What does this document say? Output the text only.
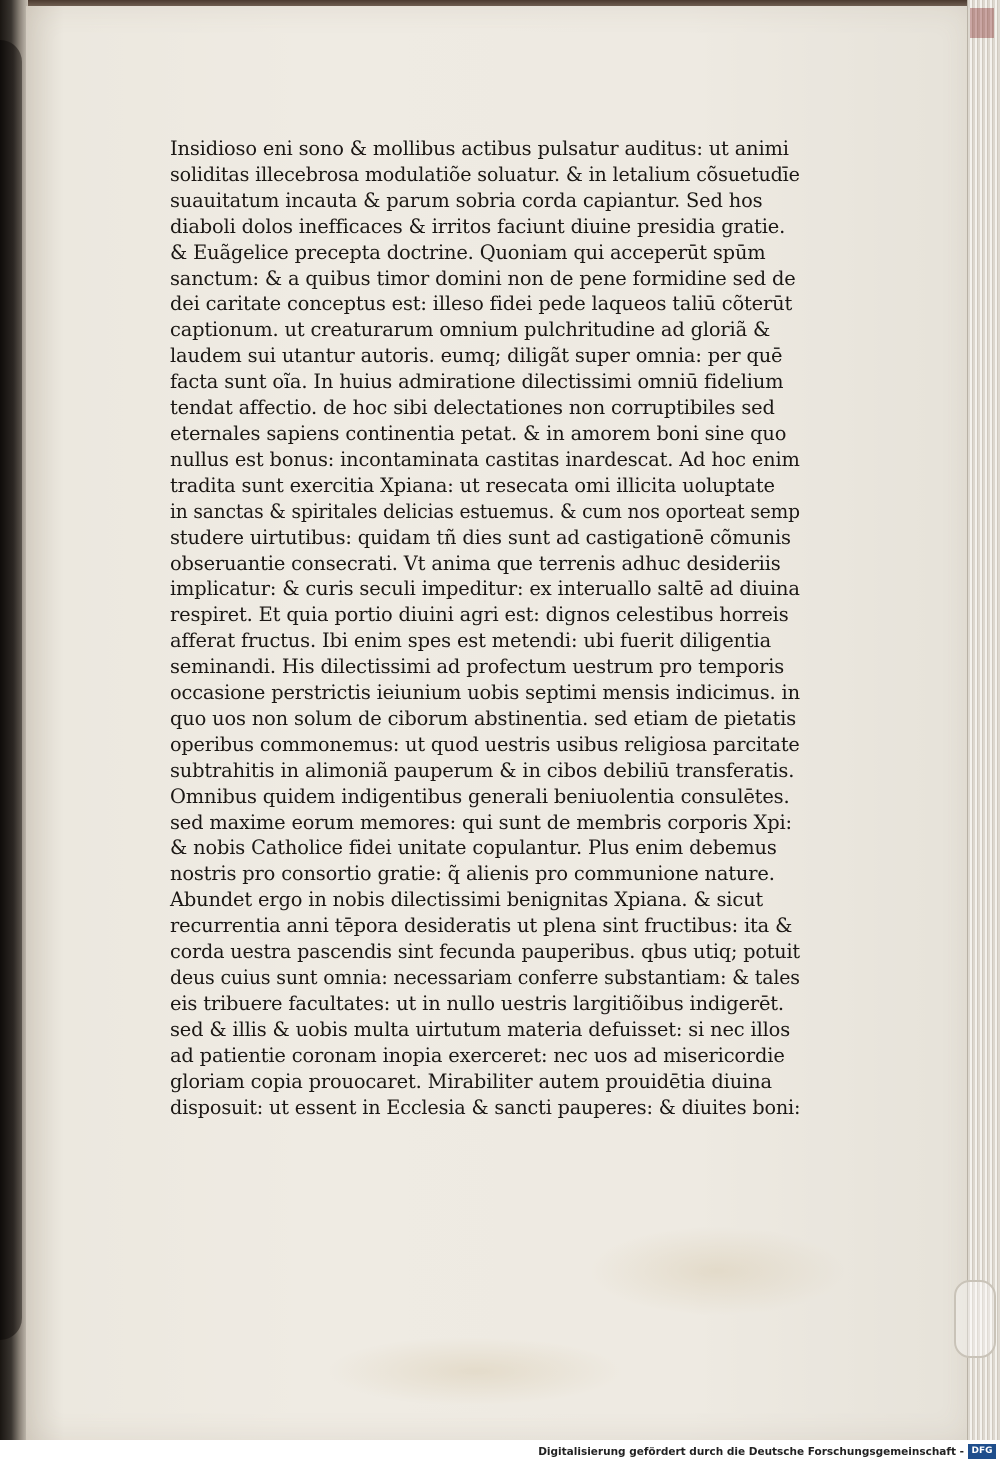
Insidioso eni sono & mollibus actibus pulsatur auditus: ut animi
soliditas illecebrosa modulatiõe soluatur. & in letalium cõsuetudīe
suauitatum incauta & parum sobria corda capiantur. Sed hos
diaboli dolos inefficaces & irritos faciunt diuine presidia gratie.
& Euãgelice precepta doctrine. Quoniam qui acceperūt spūm
sanctum: & a quibus timor domini non de pene formidine sed de
dei caritate conceptus est: illeso fidei pede laqueos taliū cõterūt
captionum. ut creaturarum omnium pulchritudine ad gloriã &
laudem sui utantur autoris. eumq; diligãt super omnia: per quē
facta sunt oĩa. In huius admiratione dilectissimi omniū fidelium
tendat affectio. de hoc sibi delectationes non corruptibiles sed
eternales sapiens continentia petat. & in amorem boni sine quo
nullus est bonus: incontaminata castitas inardescat. Ad hoc enim
tradita sunt exercitia Xpiana: ut resecata omi illicita uoluptate
in sanctas & spiritales delicias estuemus. & cum nos oporteat semp
studere uirtutibus: quidam tñ dies sunt ad castigationē cõmunis
obseruantie consecrati. Vt anima que terrenis adhuc desideriis
implicatur: & curis seculi impeditur: ex interuallo saltē ad diuina
respiret. Et quia portio diuini agri est: dignos celestibus horreis
afferat fructus. Ibi enim spes est metendi: ubi fuerit diligentia
seminandi. His dilectissimi ad profectum uestrum pro temporis
occasione perstrictis ieiunium uobis septimi mensis indicimus. in
quo uos non solum de ciborum abstinentia. sed etiam de pietatis
operibus commonemus: ut quod uestris usibus religiosa parcitate
subtrahitis in alimoniã pauperum & in cibos debiliū transferatis.
Omnibus quidem indigentibus generali beniuolentia consulētes.
sed maxime eorum memores: qui sunt de membris corporis Xpi:
& nobis Catholice fidei unitate copulantur. Plus enim debemus
nostris pro consortio gratie: q̃ alienis pro communione nature.
Abundet ergo in nobis dilectissimi benignitas Xpiana. & sicut
recurrentia anni tēpora desideratis ut plena sint fructibus: ita &
corda uestra pascendis sint fecunda pauperibus. qbus utiq; potuit
deus cuius sunt omnia: necessariam conferre substantiam: & tales
eis tribuere facultates: ut in nullo uestris largitiõibus indigerēt.
sed & illis & uobis multa uirtutum materia defuisset: si nec illos
ad patientie coronam inopia exerceret: nec uos ad misericordie
gloriam copia prouocaret. Mirabiliter autem prouidētia diuina
disposuit: ut essent in Ecclesia & sancti pauperes: & diuites boni:
Digitalisierung gefördert durch die Deutsche Forschungsgemeinschaft - DFG
